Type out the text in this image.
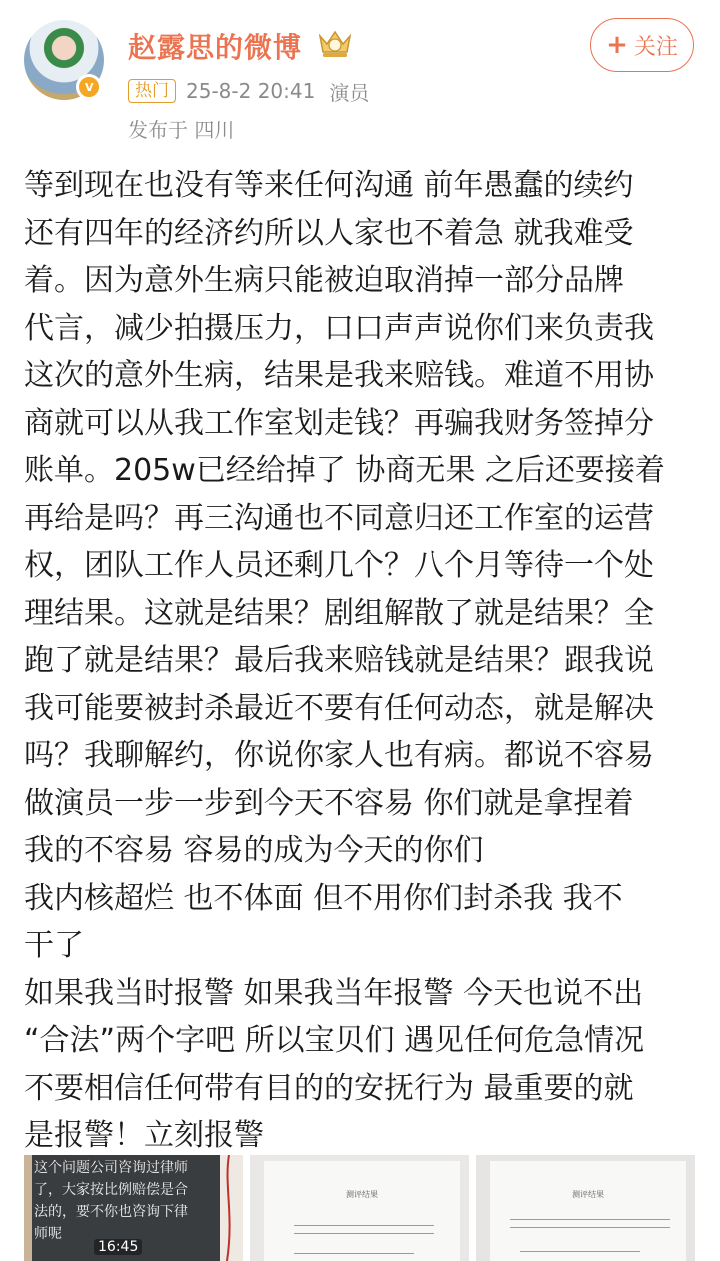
V
赵露思的微博
热门 25-8-2 20:41 演员
发布于 四川
+ 关注
等到现在也没有等来任何沟通 前年愚蠢的续约
还有四年的经济约所以人家也不着急 就我难受
着。因为意外生病只能被迫取消掉一部分品牌
代言，减少拍摄压力，口口声声说你们来负责我
这次的意外生病，结果是我来赔钱。难道不用协
商就可以从我工作室划走钱？再骗我财务签掉分
账单。205w已经给掉了 协商无果 之后还要接着
再给是吗？再三沟通也不同意归还工作室的运营
权，团队工作人员还剩几个？八个月等待一个处
理结果。这就是结果？剧组解散了就是结果？全
跑了就是结果？最后我来赔钱就是结果？跟我说
我可能要被封杀最近不要有任何动态，就是解决
吗？我聊解约，你说你家人也有病。都说不容易
做演员一步一步到今天不容易 你们就是拿捏着
我的不容易 容易的成为今天的你们
我内核超烂 也不体面 但不用你们封杀我 我不
干了
如果我当时报警 如果我当年报警 今天也说不出
“合法”两个字吧 所以宝贝们 遇见任何危急情况
不要相信任何带有目的的安抚行为 最重要的就
是报警！立刻报警
这个问题公司咨询过律师
了，大家按比例赔偿是合
法的，要不你也咨询下律
师呢
16:45
测评结果	测评结果
